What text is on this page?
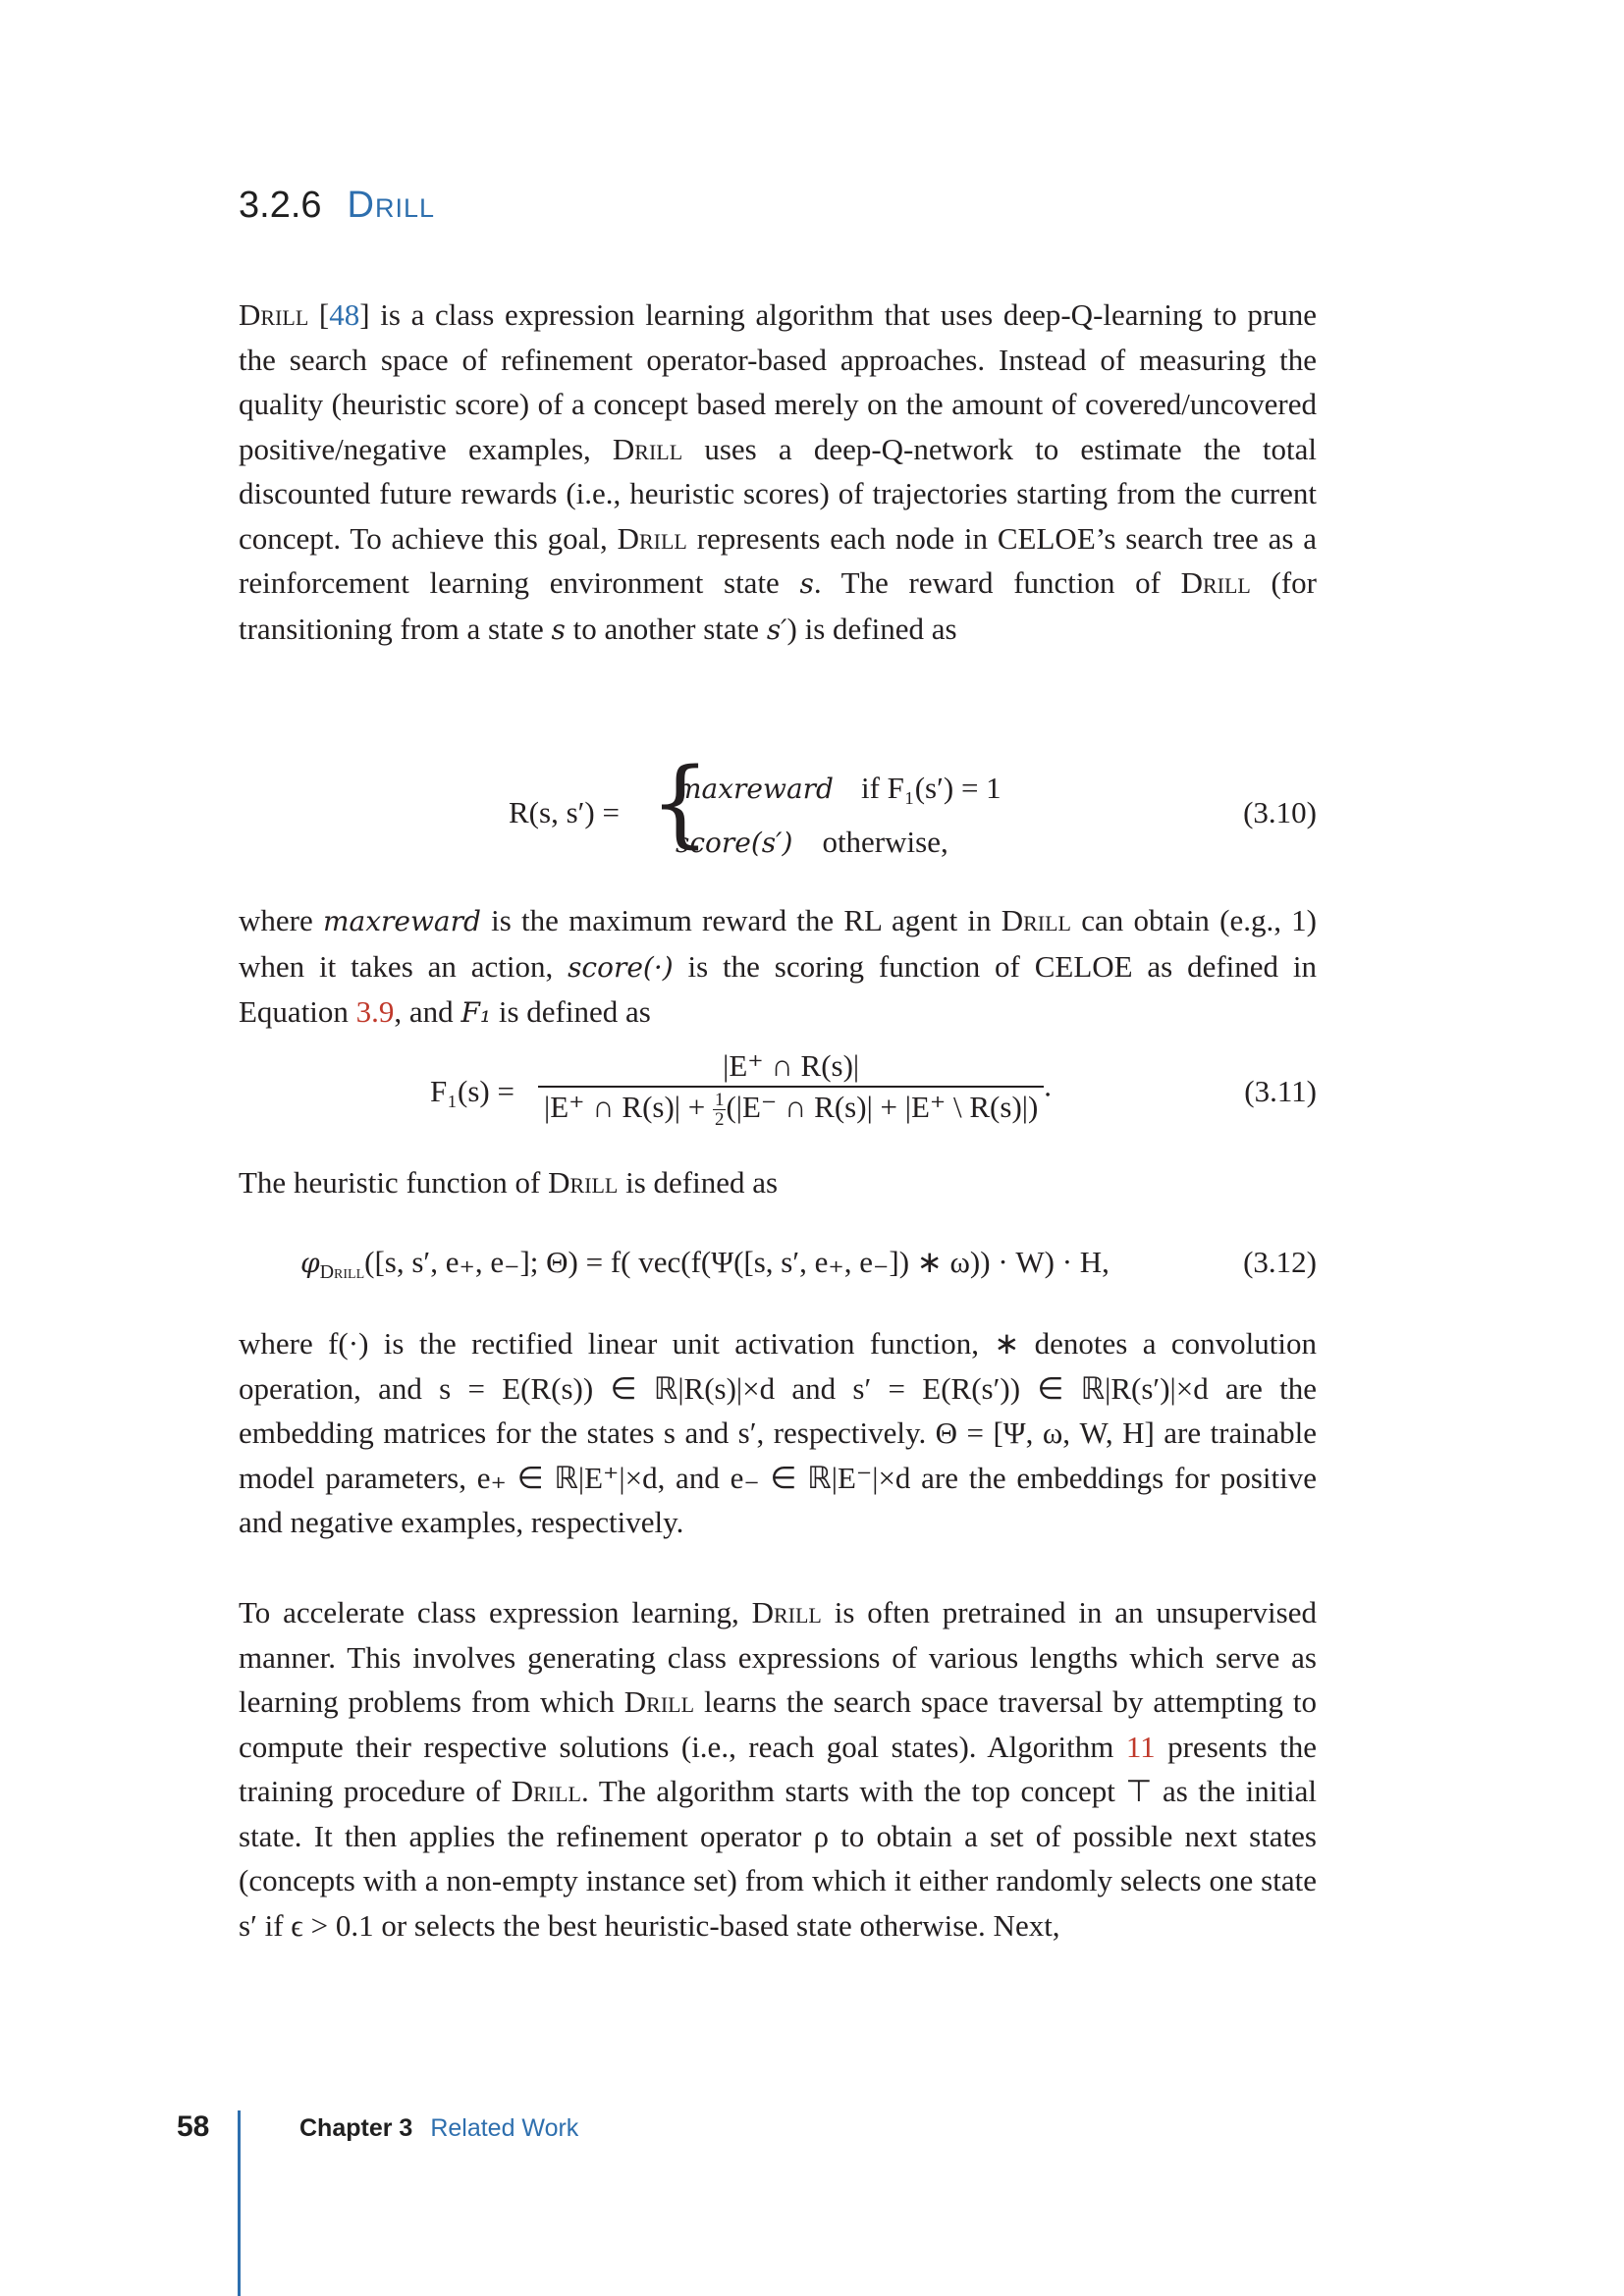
3.2.6 Drill
Drill [48] is a class expression learning algorithm that uses deep-Q-learning to prune the search space of refinement operator-based approaches. Instead of measuring the quality (heuristic score) of a concept based merely on the amount of covered/uncovered positive/negative examples, Drill uses a deep-Q-network to estimate the total discounted future rewards (i.e., heuristic scores) of trajectories starting from the current concept. To achieve this goal, Drill represents each node in CELOE’s search tree as a reinforcement learning environment state s. The reward function of Drill (for transitioning from a state s to another state s′) is defined as
R(s, s′) = {
maxreward if F₁(s′) = 1
score(s′) otherwise,
(3.10)
where maxreward is the maximum reward the RL agent in Drill can obtain (e.g., 1) when it takes an action, score(·) is the scoring function of CELOE as defined in Equation 3.9, and F₁ is defined as
$F_1(s) = \frac{|E^+ \cap R(s)|}{|E^+ \cap R(s)| + \frac{1}{2} (|E^- \cap R(s)| + |E^+ \backslash R(s)|)}$ .	(3.11)
The heuristic function of Drill is defined as
φDrill([s, s′, e₊, e₋]; Θ) = f( vec(f(Ψ([s, s′, e₊, e₋]) ∗ ω)) · W) · H,	(3.12)
where f(·) is the rectified linear unit activation function, ∗ denotes a convolution operation, and s = E(R(s)) ∈ ℝ|R(s)|×d and s′ = E(R(s′)) ∈ ℝ|R(s′)|×d are the embedding matrices for the states s and s′, respectively. Θ = [Ψ, ω, W, H] are trainable model parameters, e₊ ∈ ℝ|E⁺|×d, and e₋ ∈ ℝ|E⁻|×d are the embeddings for positive and negative examples, respectively.
To accelerate class expression learning, Drill is often pretrained in an unsupervised manner. This involves generating class expressions of various lengths which serve as learning problems from which Drill learns the search space traversal by attempting to compute their respective solutions (i.e., reach goal states). Algorithm 11 presents the training procedure of Drill. The algorithm starts with the top concept ⊤ as the initial state. It then applies the refinement operator ρ to obtain a set of possible next states (concepts with a non-empty instance set) from which it either randomly selects one state s′ if ϵ > 0.1 or selects the best heuristic-based state otherwise. Next,
58	Chapter 3 Related Work
